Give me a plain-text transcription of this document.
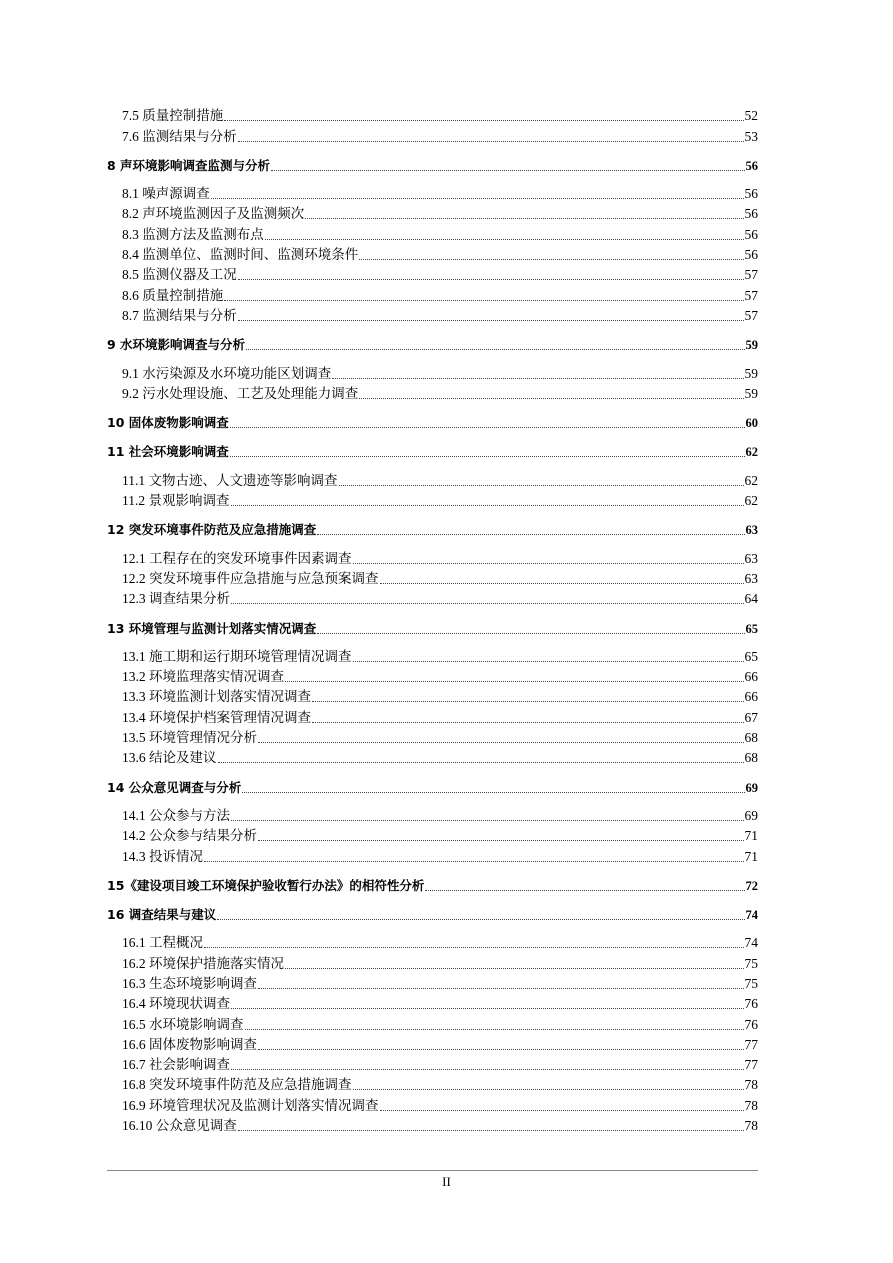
7.5 质量控制措施	52
7.6 监测结果与分析	53
8 声环境影响调查监测与分析	56
8.1 噪声源调查	56
8.2 声环境监测因子及监测频次	56
8.3 监测方法及监测布点	56
8.4 监测单位、监测时间、监测环境条件	56
8.5 监测仪器及工况	57
8.6 质量控制措施	57
8.7 监测结果与分析	57
9 水环境影响调查与分析	59
9.1 水污染源及水环境功能区划调查	59
9.2 污水处理设施、工艺及处理能力调查	59
10 固体废物影响调查	60
11 社会环境影响调查	62
11.1 文物古迹、人文遗迹等影响调查	62
11.2 景观影响调查	62
12 突发环境事件防范及应急措施调查	63
12.1 工程存在的突发环境事件因素调查	63
12.2 突发环境事件应急措施与应急预案调查	63
12.3 调查结果分析	64
13 环境管理与监测计划落实情况调查	65
13.1 施工期和运行期环境管理情况调查	65
13.2 环境监理落实情况调查	66
13.3 环境监测计划落实情况调查	66
13.4 环境保护档案管理情况调查	67
13.5 环境管理情况分析	68
13.6 结论及建议	68
14 公众意见调查与分析	69
14.1 公众参与方法	69
14.2 公众参与结果分析	71
14.3 投诉情况	71
15《建设项目竣工环境保护验收暂行办法》的相符性分析	72
16 调查结果与建议	74
16.1 工程概况	74
16.2 环境保护措施落实情况	75
16.3 生态环境影响调查	75
16.4 环境现状调查	76
16.5 水环境影响调查	76
16.6 固体废物影响调查	77
16.7 社会影响调查	77
16.8 突发环境事件防范及应急措施调查	78
16.9 环境管理状况及监测计划落实情况调查	78
16.10 公众意见调查	78
II
